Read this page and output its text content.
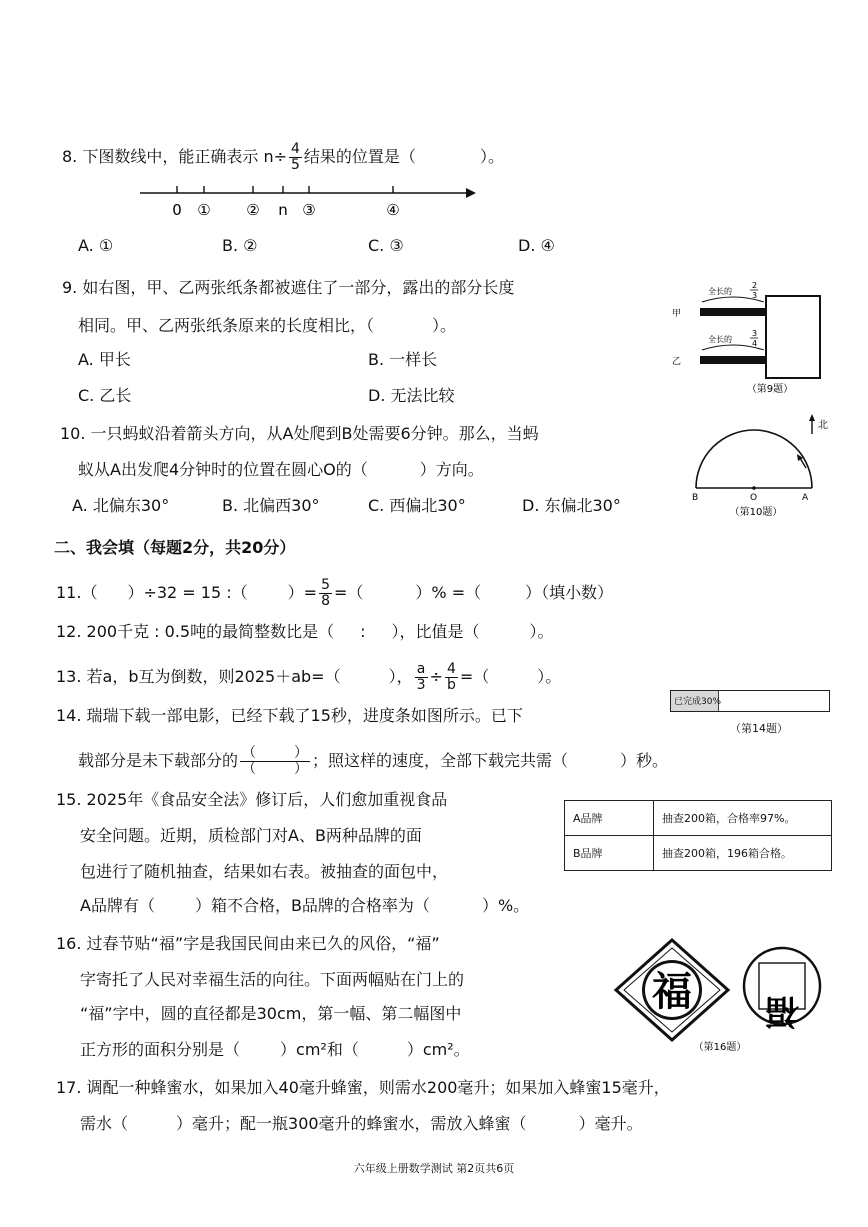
8. 下图数线中，能正确表示 $n\div \frac{4}{5}$ 结果的位置是（	）。
0 ① ② n ③	④
A. ①	B. ②	C. ③	D. ④
9. 如右图，甲、乙两张纸条都被遮住了一部分，露出的部分长度
相同。甲、乙两张纸条原来的长度相比，（	）。
A. 甲长	B. 一样长
C. 乙长	D. 无法比较
全长的
2
3
全长的
3
4
甲
乙
（第9题）
10. 一只蚂蚁沿着箭头方向，从A处爬到B处需要6分钟。那么，当蚂
蚁从A出发爬4分钟时的位置在圆心O的（	）方向。
A. 北偏东30°	B. 北偏西30°	C. 西偏北30°	D. 东偏北30°
北
B	O	A
（第10题）
二、我会填（每题2分，共20分）
11.（ ）÷32 = 15 :（	）= $\frac{5}{8}$ =（	）% =（	）（填小数）
12. 200千克 : 0.5吨的最简整数比是（ : ），比值是（	）。
13. 若a，b互为倒数，则2025＋ab=（	）， $\frac{a}{3} \div \frac{4}{b}$ =（	）。
14. 瑞瑞下载一部电影，已经下载了15秒，进度条如图所示。已下
载部分是未下载部分的 （	）
（	） ；照这样的速度，全部下载完共需（	）秒。
已完成30%
（第14题）
15. 2025年《食品安全法》修订后，人们愈加重视食品
安全问题。近期，质检部门对A、B两种品牌的面
包进行了随机抽查，结果如右表。被抽查的面包中，
A品牌有（	）箱不合格，B品牌的合格率为（	）%。
A品牌	抽查200箱，合格率97%。
B品牌	抽查200箱，196箱合格。
16. 过春节贴“福”字是我国民间由来已久的风俗，“福”
字寄托了人民对幸福生活的向往。下面两幅贴在门上的
“福”字中，圆的直径都是30cm，第一幅、第二幅图中
正方形的面积分别是（	）cm²和（	）cm²。
福 福
（第16题）
17. 调配一种蜂蜜水，如果加入40毫升蜂蜜，则需水200毫升；如果加入蜂蜜15毫升，
需水（	）毫升；配一瓶300毫升的蜂蜜水，需放入蜂蜜（	）毫升。
六年级上册数学测试 第2页共6页
